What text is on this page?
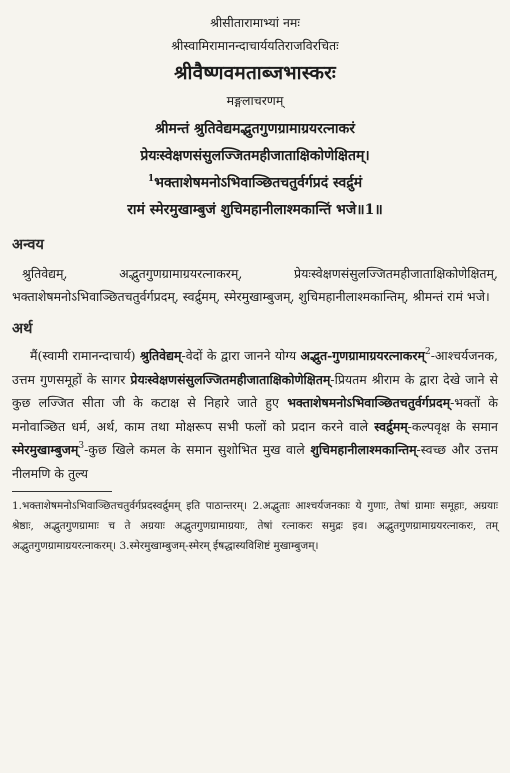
श्रीसीतारामाभ्यां नमः
श्रीस्वामिरामानन्दाचार्ययतिराजविरचितः
श्रीवैष्णवमताब्जभास्करः
मङ्गलाचरणम्
श्रीमन्तं श्रुतिवेद्यमद्भुतगुणग्रामाग्रयरत्नाकरं
प्रेयःस्वेक्षणसंसुलज्जितमहीजाताक्षिकोणेक्षितम्।
$^1$भक्ताशेषमनोऽभिवाञ्छितचतुर्वर्गप्रदं स्वर्द्रुमं
रामं स्मेरमुखाम्बुजं शुचिमहानीलाश्मकान्तिं भजे॥1॥
अन्वय
श्रुतिवेद्यम्, अद्भुतगुणग्रामाग्रयरत्नाकरम्, प्रेयःस्वेक्षणसंसुलज्जितमहीजाताक्षिकोणेक्षितम्, भक्ताशेषमनोऽभिवाञ्छितचतुर्वर्गप्रदम्, स्वर्द्रुमम्, स्मेरमुखाम्बुजम्, शुचिमहानीलाश्मकान्तिम्, श्रीमन्तं रामं भजे।
अर्थ
मैं(स्वामी रामानन्दाचार्य) श्रुतिवेद्यम्-वेदों के द्वारा जानने योग्य अद्भुत-गुणग्रामाग्रयरत्नाकरम्$^2$-आश्चर्यजनक, उत्तम गुणसमूहों के सागर प्रेयःस्वेक्षणसंसुलज्जितमहीजाताक्षिकोणेक्षितम्-प्रियतम श्रीराम के द्वारा देखे जाने से कुछ लज्जित सीता जी के कटाक्ष से निहारे जाते हुए भक्ताशेषमनोऽभिवाञ्छितचतुर्वर्गप्रदम्-भक्तों के मनोवाञ्छित धर्म, अर्थ, काम तथा मोक्षरूप सभी फलों को प्रदान करने वाले स्वर्द्रुमम्-कल्पवृक्ष के समान स्मेरमुखाम्बुजम्$^3$-कुछ खिले कमल के समान सुशोभित मुख वाले शुचिमहानीलाश्मकान्तिम्-स्वच्छ और उत्तम नीलमणि के तुल्य
1.भक्ताशेषमनोऽभिवाञ्छितचतुर्वर्गप्रदस्वर्द्रुमम् इति पाठान्तरम्। 2.अद्भुताः आश्चर्यजनकाः ये गुणाः, तेषां ग्रामाः समूहाः, अग्रयाः श्रेष्ठाः, अद्भुतगुणग्रामाः च ते अग्रयाः अद्भुतगुणग्रामाग्रयाः, तेषां रत्नाकरः समुद्रः इव। अद्भुतगुणग्रामाग्रयरत्नाकरः, तम् अद्भुतगुणग्रामाग्रयरत्नाकरम्। 3.स्मेरमुखाम्बुजम्-स्मेरम् ईषद्धास्यविशिष्टं मुखाम्बुजम्।
